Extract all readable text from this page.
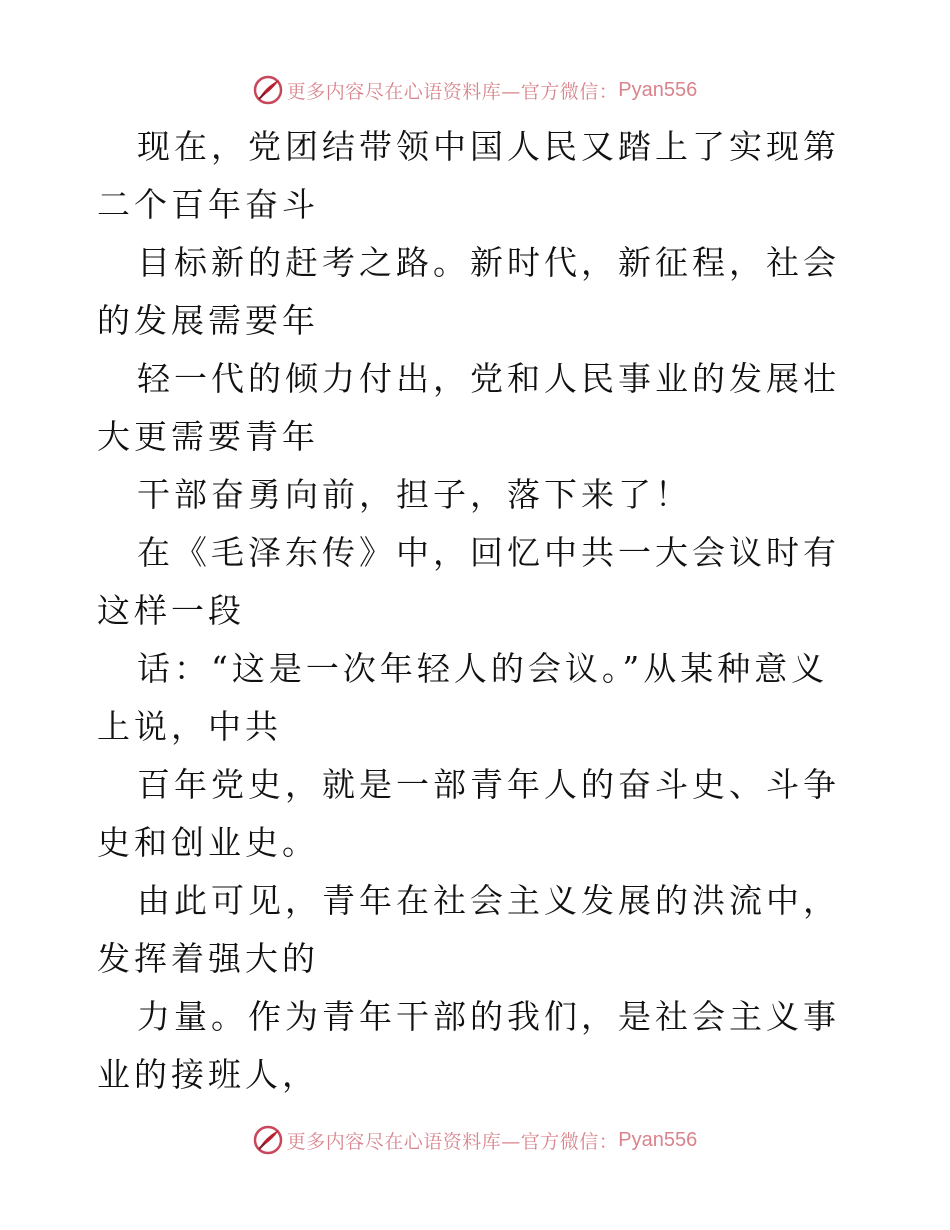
更多内容尽在心语资料库—官方微信： Pyan556

现在，党团结带领中国人民又踏上了实现第二个百年奋斗

目标新的赶考之路。新时代，新征程，社会的发展需要年

轻一代的倾力付出，党和人民事业的发展壮大更需要青年

干部奋勇向前，担子，落下来了！

在《毛泽东传》中，回忆中共一大会议时有这样一段

话：“这是一次年轻人的会议。”从某种意义上说，中共

百年党史，就是一部青年人的奋斗史、斗争史和创业史。

由此可见，青年在社会主义发展的洪流中，发挥着强大的

力量。作为青年干部的我们，是社会主义事业的接班人，

更多内容尽在心语资料库—官方微信： Pyan556
